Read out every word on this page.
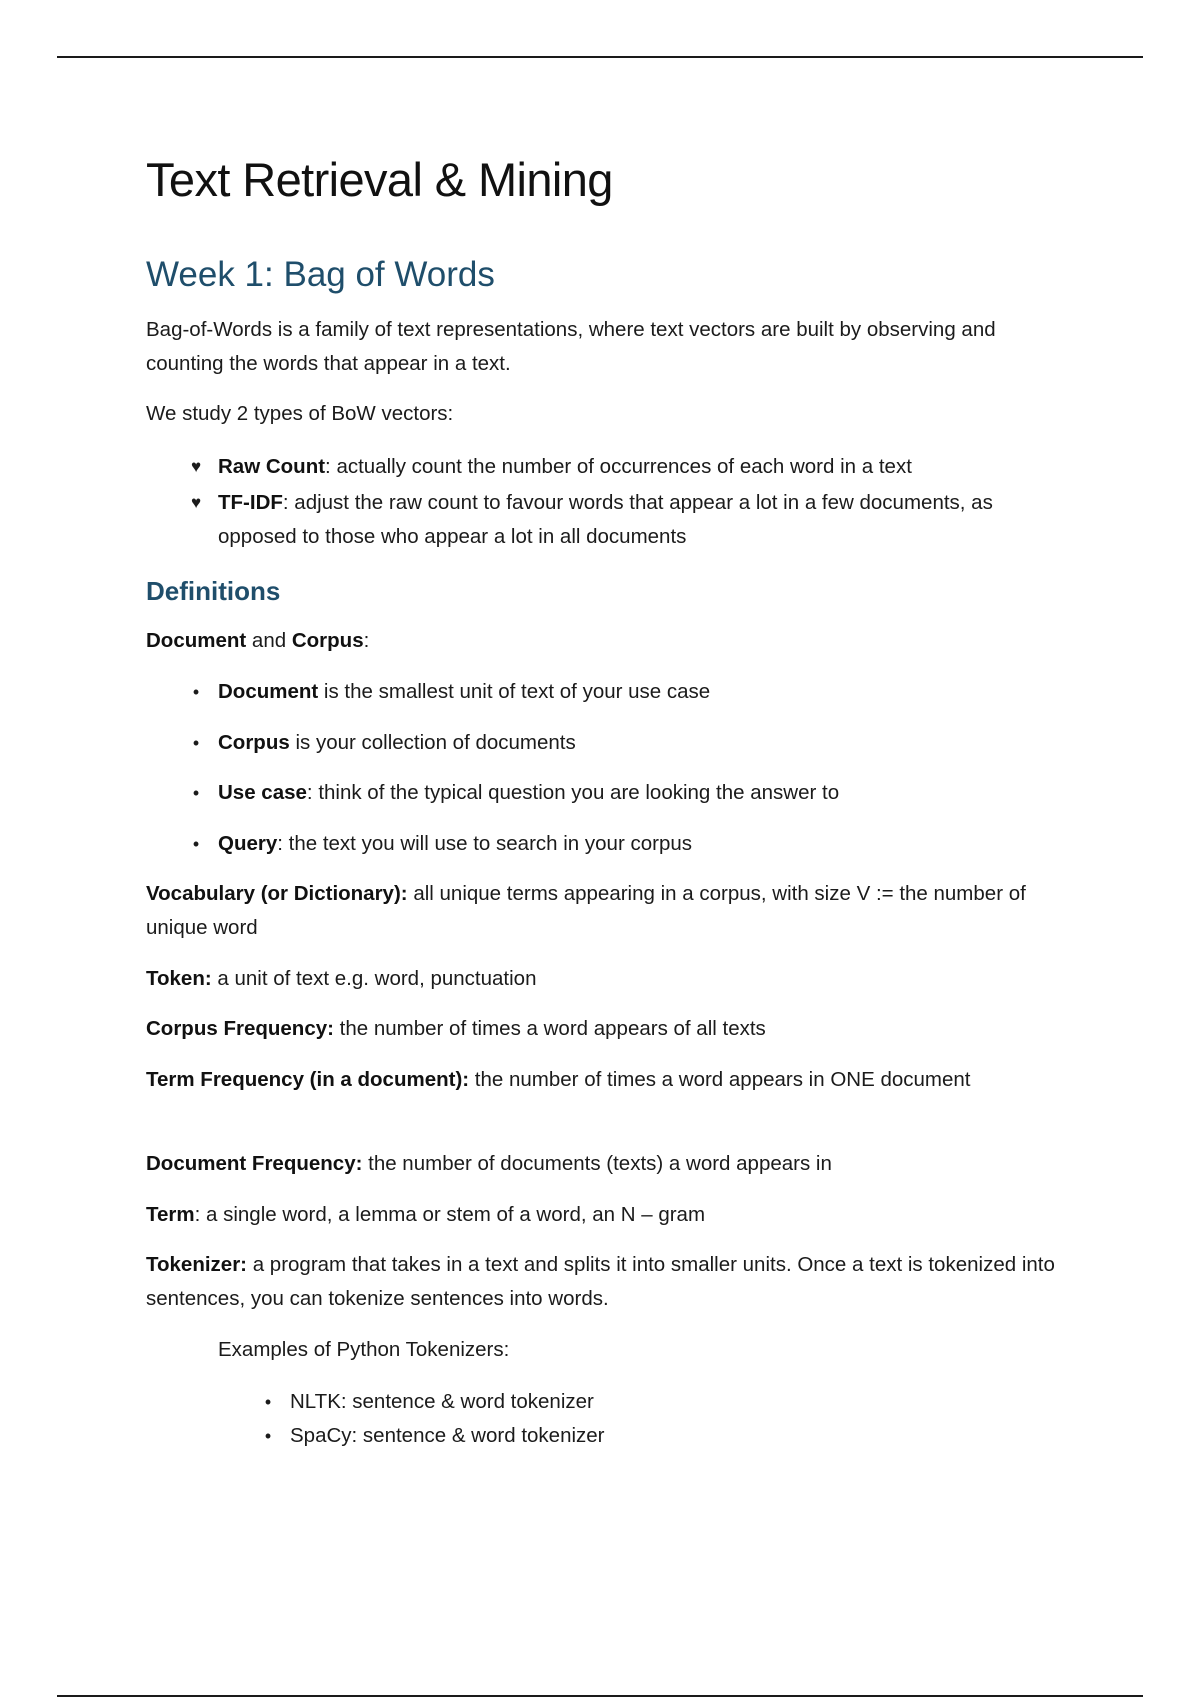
Text Retrieval & Mining
Week 1: Bag of Words

Bag-of-Words is a family of text representations, where text vectors are built by observing and counting the words that appear in a text.

We study 2 types of BoW vectors:

♥ Raw Count: actually count the number of occurrences of each word in a text
♥ TF-IDF: adjust the raw count to favour words that appear a lot in a few documents, as opposed to those who appear a lot in all documents
Definitions

Document and Corpus:

• Document is the smallest unit of text of your use case
• Corpus is your collection of documents
• Use case: think of the typical question you are looking the answer to
• Query: the text you will use to search in your corpus

Vocabulary (or Dictionary): all unique terms appearing in a corpus, with size V := the number of unique word

Token: a unit of text e.g. word, punctuation

Corpus Frequency: the number of times a word appears of all texts

Term Frequency (in a document): the number of times a word appears in ONE document

Document Frequency: the number of documents (texts) a word appears in

Term: a single word, a lemma or stem of a word, an N – gram

Tokenizer: a program that takes in a text and splits it into smaller units. Once a text is tokenized into sentences, you can tokenize sentences into words.

Examples of Python Tokenizers:

• NLTK: sentence & word tokenizer
• SpaCy: sentence & word tokenizer
